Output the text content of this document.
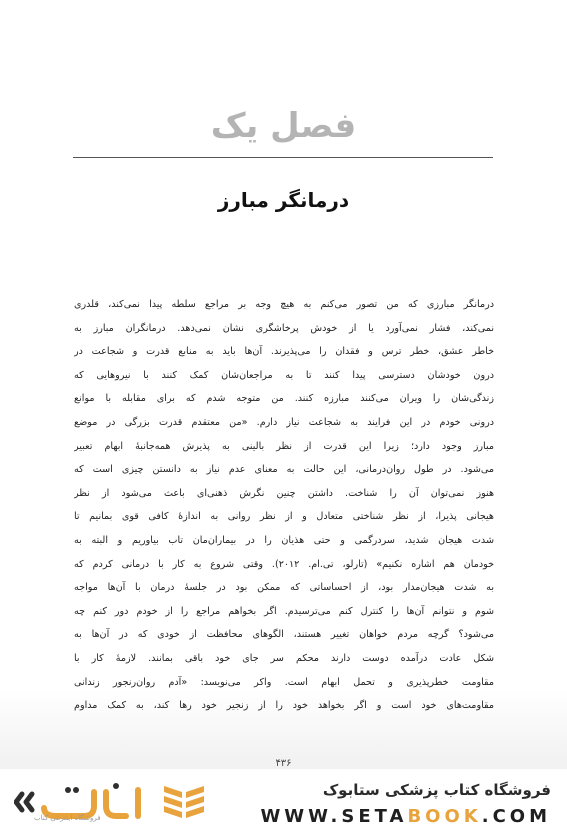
فصل یک
درمانگر مبارز
درمانگر مبارزی که من تصور می‌کنم به هیچ وجه بر مراجع سلطه پیدا نمی‌کند، قلدری
نمی‌کند، فشار نمی‌آورد یا از خودش پرخاشگری نشان نمی‌دهد. درمانگران مبارز به
خاطر عشق، خطر ترس و فقدان را می‌پذیرند. آن‌ها باید به منابع قدرت و شجاعت در
درون خودشان دسترسی پیدا کنند تا به مراجعان‌شان کمک کنند با نیروهایی که
زندگی‌شان را ویران می‌کنند مبارزه کنند. من متوجه شدم که برای مقابله با موانع
درونی خودم در این فرایند به شجاعت نیاز دارم. «من معتقدم قدرت بزرگی در موضع
مبارز وجود دارد؛ زیرا این قدرت از نظر بالینی به پذیرش همه‌جانبهٔ ابهام تعبیر
می‌شود. در طول روان‌درمانی، این حالت به معنای عدم نیاز به دانستن چیزی است که
هنوز نمی‌توان آن را شناخت. داشتن چنین نگرش ذهنی‌ای باعث می‌شود از نظر
هیجانی پذیرا، از نظر شناختی متعادل و از نظر روانی به اندازهٔ کافی قوی بمانیم تا
شدت هیجان شدید، سردرگمی و حتی هذیان را در بیماران‌مان تاب بیاوریم و البته به
خودمان هم اشاره نکنیم» (تارلو، تی.ام. ۲۰۱۲). وقتی شروع به کار با درمانی کردم که
به شدت هیجان‌مدار بود، از احساساتی که ممکن بود در جلسهٔ درمان با آن‌ها مواجه
شوم و نتوانم آن‌ها را کنترل کنم می‌ترسیدم. اگر بخواهم مراجع را از خودم دور کنم چه
می‌شود؟ گرچه مردم خواهان تغییر هستند، الگوهای محافظت از خودی که در آن‌ها به
شکل عادت درآمده دوست دارند محکم سر جای خود باقی بمانند. لازمهٔ کار با
مقاومت خطرپذیری و تحمل ابهام است. واکر می‌نویسد: «آدم روان‌رنجور زندانی
مقاومت‌های خود است و اگر بخواهد خود را از زنجیر خود رها کند، به کمک مداوم
۴۳۶
فروشگاه اینترنتی کتاب
فروشگاه کتاب پزشکی ستابوک
WWW.SETABOOK.COM
